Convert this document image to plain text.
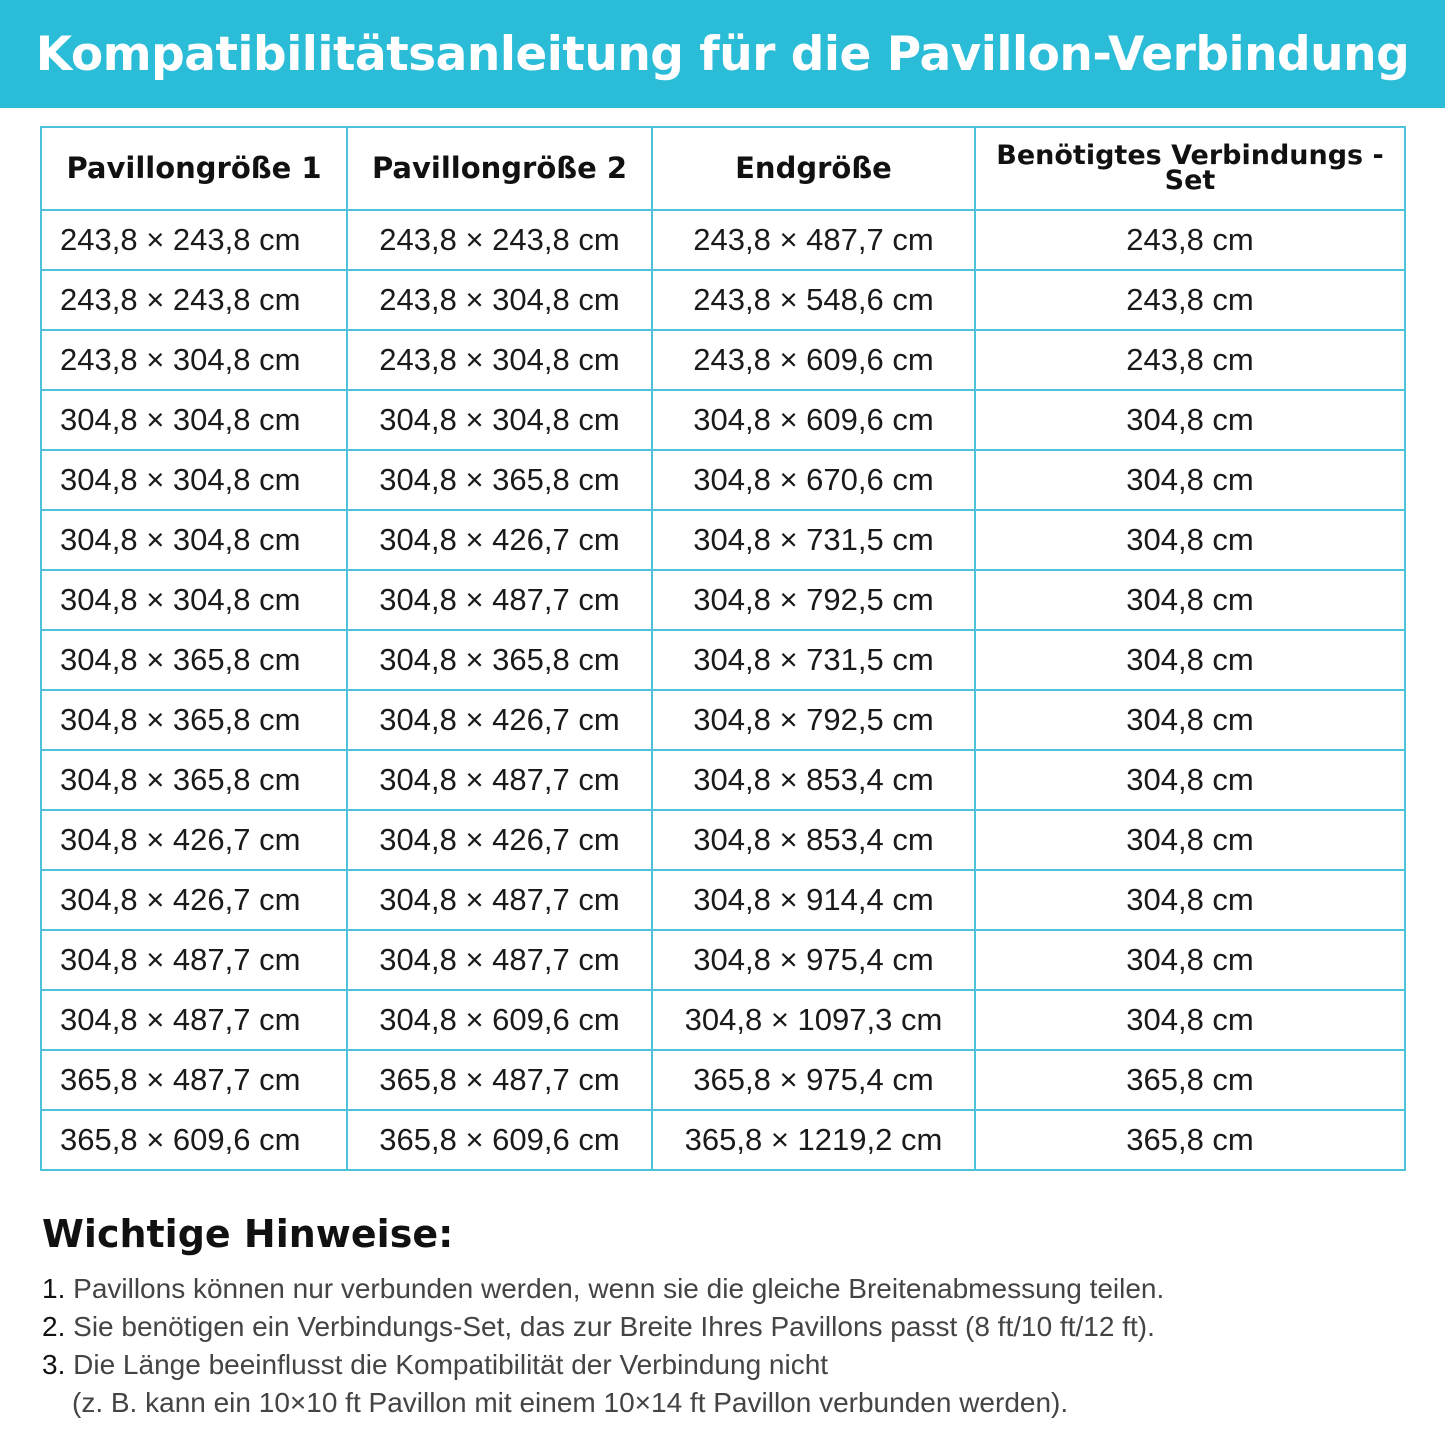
Kompatibilitätsanleitung für die Pavillon-Verbindung
Pavillongröße 1	Pavillongröße 2	Endgröße	Benötigtes Verbindungs -Set
243,8 × 243,8 cm	243,8 × 243,8 cm	243,8 × 487,7 cm	243,8 cm
243,8 × 243,8 cm	243,8 × 304,8 cm	243,8 × 548,6 cm	243,8 cm
243,8 × 304,8 cm	243,8 × 304,8 cm	243,8 × 609,6 cm	243,8 cm
304,8 × 304,8 cm	304,8 × 304,8 cm	304,8 × 609,6 cm	304,8 cm
304,8 × 304,8 cm	304,8 × 365,8 cm	304,8 × 670,6 cm	304,8 cm
304,8 × 304,8 cm	304,8 × 426,7 cm	304,8 × 731,5 cm	304,8 cm
304,8 × 304,8 cm	304,8 × 487,7 cm	304,8 × 792,5 cm	304,8 cm
304,8 × 365,8 cm	304,8 × 365,8 cm	304,8 × 731,5 cm	304,8 cm
304,8 × 365,8 cm	304,8 × 426,7 cm	304,8 × 792,5 cm	304,8 cm
304,8 × 365,8 cm	304,8 × 487,7 cm	304,8 × 853,4 cm	304,8 cm
304,8 × 426,7 cm	304,8 × 426,7 cm	304,8 × 853,4 cm	304,8 cm
304,8 × 426,7 cm	304,8 × 487,7 cm	304,8 × 914,4 cm	304,8 cm
304,8 × 487,7 cm	304,8 × 487,7 cm	304,8 × 975,4 cm	304,8 cm
304,8 × 487,7 cm	304,8 × 609,6 cm	304,8 × 1097,3 cm	304,8 cm
365,8 × 487,7 cm	365,8 × 487,7 cm	365,8 × 975,4 cm	365,8 cm
365,8 × 609,6 cm	365,8 × 609,6 cm	365,8 × 1219,2 cm	365,8 cm
Wichtige Hinweise:
1. Pavillons können nur verbunden werden, wenn sie die gleiche Breitenabmessung teilen.
2. Sie benötigen ein Verbindungs-Set, das zur Breite Ihres Pavillons passt (8 ft/10 ft/12 ft).
3. Die Länge beeinflusst die Kompatibilität der Verbindung nicht
(z. B. kann ein 10×10 ft Pavillon mit einem 10×14 ft Pavillon verbunden werden).
